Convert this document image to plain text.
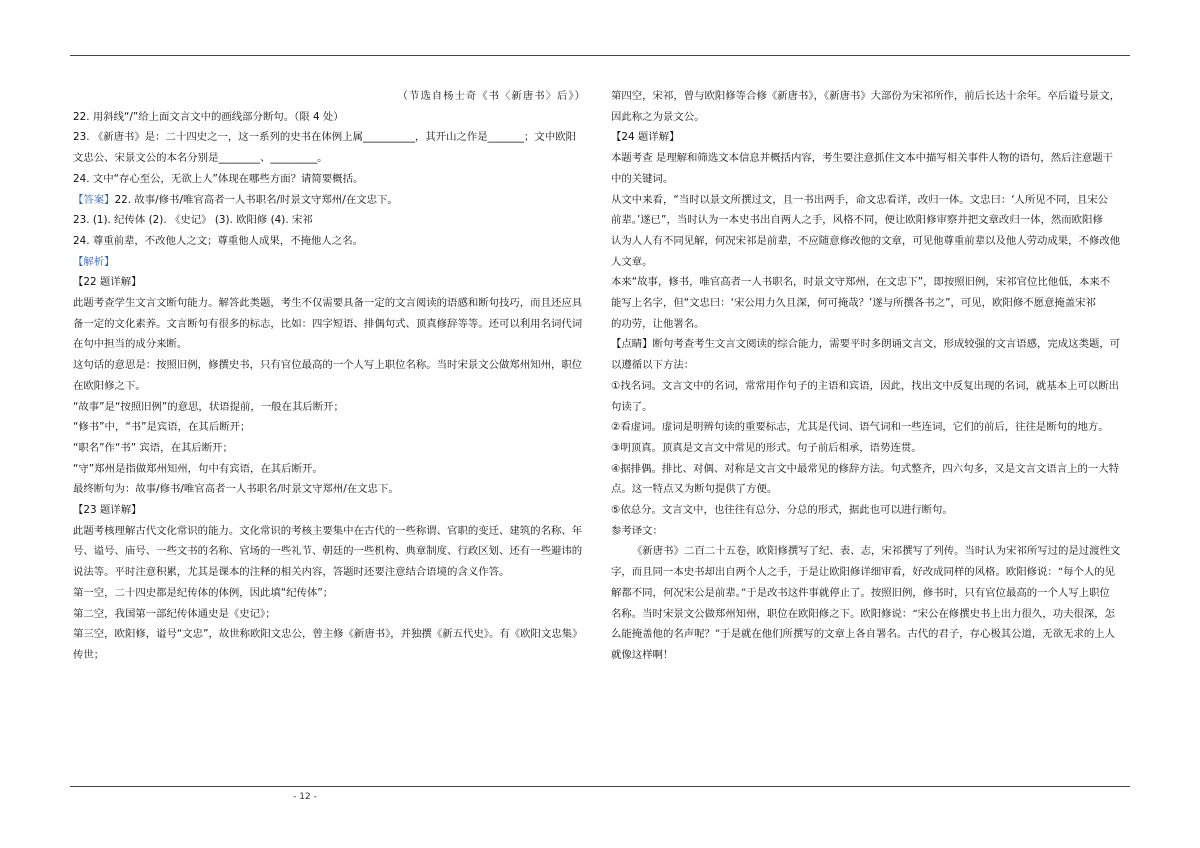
（节选自杨士奇《书〈新唐书〉后》）
22. 用斜线“/”给上面文言文中的画线部分断句。（限 4 处）
23. 《新唐书》是：二十四史之一，这一系列的史书在体例上属__________，其开山之作是_______；文中欧阳
文忠公、宋景文公的本名分别是________、_________。
24. 文中“存心至公，无欲上人”体现在哪些方面？请简要概括。
【答案】22. 故事/修书/唯官高者一人书职名/时景文守郑州/在文忠下。
23. (1). 纪传体 (2). 《史记》 (3). 欧阳修 (4). 宋祁
24. 尊重前辈，不改他人之文；尊重他人成果，不掩他人之名。
【解析】
【22 题详解】
此题考查学生文言文断句能力。解答此类题，考生不仅需要具备一定的文言阅读的语感和断句技巧，而且还应具
备一定的文化素养。文言断句有很多的标志，比如：四字短语、排偶句式、顶真修辞等等。还可以利用名词代词
在句中担当的成分来断。
这句话的意思是：按照旧例，修撰史书，只有官位最高的一个人写上职位名称。当时宋景文公做郑州知州，职位
在欧阳修之下。
“故事”是“按照旧例”的意思，状语提前，一般在其后断开；
“修书”中，“书”是宾语，在其后断开；
“职名”作“书” 宾语，在其后断开；
“守”郑州是指做郑州知州，句中有宾语，在其后断开。
最终断句为：故事/修书/唯官高者一人书职名/时景文守郑州/在文忠下。
【23 题详解】
此题考核理解古代文化常识的能力。文化常识的考核主要集中在古代的一些称谓、官职的变迁、建筑的名称、年
号、谥号、庙号、一些文书的名称、官场的一些礼节、朝廷的一些机构、典章制度、行政区划、还有一些避讳的
说法等。平时注意积累，尤其是课本的注释的相关内容，答题时还要注意结合语境的含义作答。
第一空，二十四史都是纪传体的体例，因此填“纪传体”；
第二空，我国第一部纪传体通史是《史记》；
第三空，欧阳修，谥号“文忠”，故世称欧阳文忠公，曾主修《新唐书》，并独撰《新五代史》。有《欧阳文忠集》
传世；
第四空，宋祁，曾与欧阳修等合修《新唐书》，《新唐书》大部份为宋祁所作，前后长达十余年。卒后谥号景文，
因此称之为景文公。
【24 题详解】
本题考查 是理解和筛选文本信息并概括内容，考生要注意抓住文本中描写相关事件人物的语句，然后注意题干
中的关键词。
从文中来看，“当时以景文所撰过文，且一书出两手，命文忠看详，改归一体。文忠曰：‘人所见不同，且宋公
前辈。’遂已”，当时认为一本史书出自两人之手，风格不同，便让欧阳修审察并把文章改归一体，然而欧阳修
认为人人有不同见解，何况宋祁是前辈，不应随意修改他的文章，可见他尊重前辈以及他人劳动成果，不修改他
人文章。
本来“故事，修书，唯官高者一人书职名，时景文守郑州，在文忠下”，即按照旧例，宋祁官位比他低，本来不
能写上名字，但“文忠曰：‘宋公用力久且深，何可掩哉？’遂与所撰各书之”，可见，欧阳修不愿意掩盖宋祁
的功劳，让他署名。
【点睛】断句考查考生文言文阅读的综合能力，需要平时多朗诵文言文，形成较强的文言语感，完成这类题，可
以遵循以下方法：
①找名词。文言文中的名词，常常用作句子的主语和宾语，因此，找出文中反复出现的名词，就基本上可以断出
句读了。
②看虚词。虚词是明辨句读的重要标志，尤其是代词、语气词和一些连词，它们的前后，往往是断句的地方。
③明顶真。顶真是文言文中常见的形式。句子前后相承，语势连贯。
④据排偶。排比、对偶、对称是文言文中最常见的修辞方法。句式整齐，四六句多，又是文言文语言上的一大特
点。这一特点又为断句提供了方便。
⑤依总分。文言文中，也往往有总分、分总的形式，据此也可以进行断句。
参考译文：
《新唐书》二百二十五卷，欧阳修撰写了纪、表、志，宋祁撰写了列传。当时认为宋祁所写过的是过渡性文
字，而且同一本史书却出自两个人之手，于是让欧阳修详细审看，好改成同样的风格。欧阳修说：“每个人的见
解都不同，何况宋公是前辈。”于是改书这件事就停止了。按照旧例，修书时，只有官位最高的一个人写上职位
名称。当时宋景文公做郑州知州，职位在欧阳修之下。欧阳修说：“宋公在修撰史书上出力很久，功夫很深，怎
么能掩盖他的名声呢？”于是就在他们所撰写的文章上各自署名。古代的君子，存心极其公道，无欲无求的上人
就像这样啊！
- 12 -
